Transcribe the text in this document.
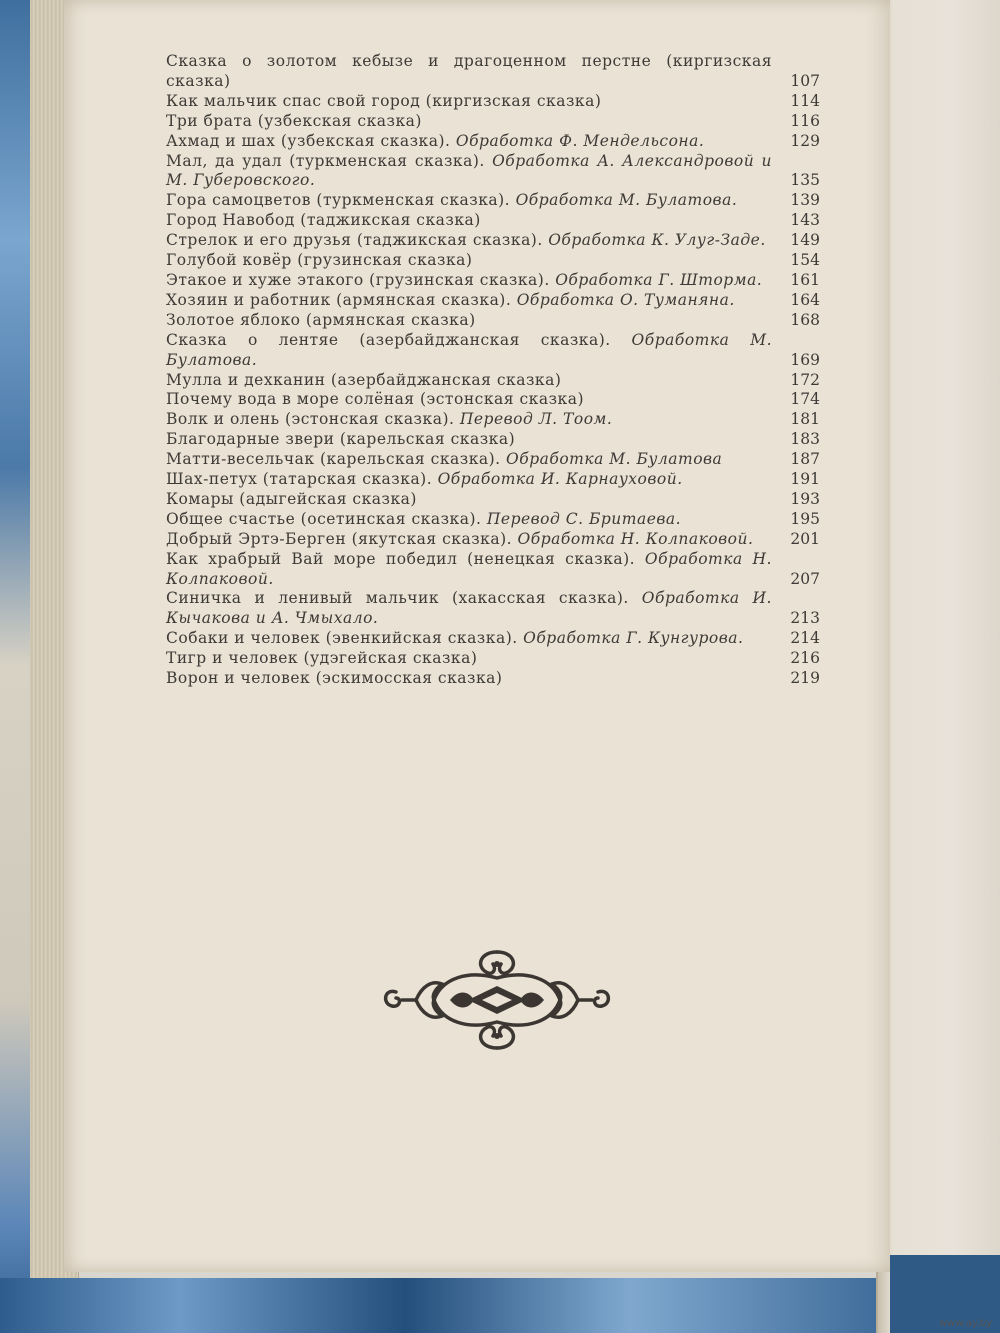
Сказка о золотом кебызе и драгоценном перстне (киргизская сказка)	107
Как мальчик спас свой город (киргизская сказка)	114
Три брата (узбекская сказка)	116
Ахмад и шах (узбекская сказка). Обработка Ф. Мендельсона.	129
Мал, да удал (туркменская сказка). Обработка А. Александровой и М. Губеровского.	135
Гора самоцветов (туркменская сказка). Обработка М. Булатова.	139
Город Навобод (таджикская сказка)	143
Стрелок и его друзья (таджикская сказка). Обработка К. Улуг-Заде.	149
Голубой ковёр (грузинская сказка)	154
Этакое и хуже этакого (грузинская сказка). Обработка Г. Шторма.	161
Хозяин и работник (армянская сказка). Обработка О. Туманяна.	164
Золотое яблоко (армянская сказка)	168
Сказка о лентяе (азербайджанская сказка). Обработка М. Булатова.	169
Мулла и дехканин (азербайджанская сказка)	172
Почему вода в море солёная (эстонская сказка)	174
Волк и олень (эстонская сказка). Перевод Л. Тоом.	181
Благодарные звери (карельская сказка)	183
Матти-весельчак (карельская сказка). Обработка М. Булатова	187
Шах-петух (татарская сказка). Обработка И. Карнауховой.	191
Комары (адыгейская сказка)	193
Общее счастье (осетинская сказка). Перевод С. Бритаева.	195
Добрый Эртэ-Берген (якутская сказка). Обработка Н. Колпаковой.	201
Как храбрый Вай море победил (ненецкая сказка). Обработка Н. Колпаковой.	207
Синичка и ленивый мальчик (хакасская сказка). Обработка И. Кычакова и А. Чмыхало.	213
Собаки и человек (эвенкийская сказка). Обработка Г. Кунгурова.	214
Тигр и человек (удэгейская сказка)	216
Ворон и человек (эскимосская сказка)	219
www.ay.by
